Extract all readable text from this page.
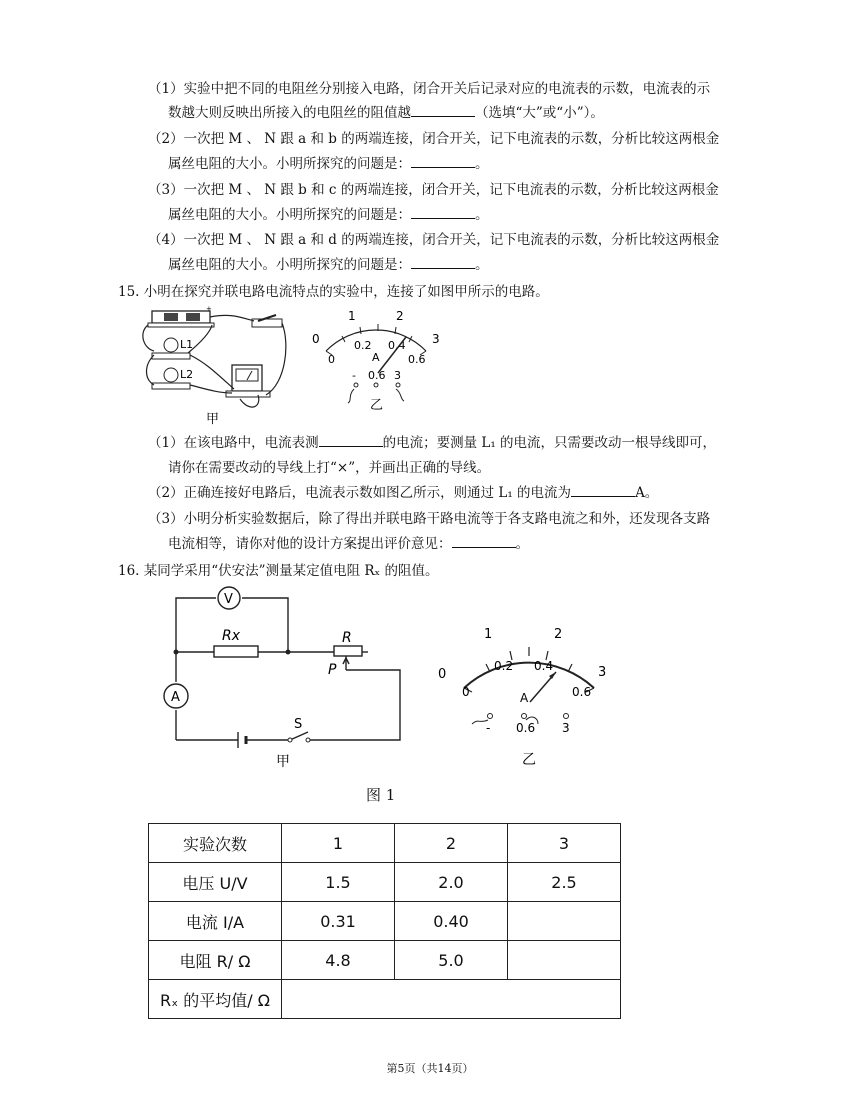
（1）实验中把不同的电阻丝分别接入电路，闭合开关后记录对应的电流表的示数，电流表的示
数越大则反映出所接入的电阻丝的阻值越	（选填“大”或“小”）。
（2）一次把 M 、 N 跟 a 和 b 的两端连接，闭合开关，记下电流表的示数，分析比较这两根金
属丝电阻的大小。小明所探究的问题是：	。
（3）一次把 M 、 N 跟 b 和 c 的两端连接，闭合开关，记下电流表的示数，分析比较这两根金
属丝电阻的大小。小明所探究的问题是：	。
（4）一次把 M 、 N 跟 a 和 d 的两端连接，闭合开关，记下电流表的示数，分析比较这两根金
属丝电阻的大小。小明所探究的问题是：	。
15. 小明在探究并联电路电流特点的实验中，连接了如图甲所示的电路。
+
L1
L2
甲
0
1	2
3
0
0.2 0.4
0.6
A
- 0.6 3
乙
（1）在该电路中，电流表测	的电流；要测量 L₁ 的电流，只需要改动一根导线即可，
请你在需要改动的导线上打“×”，并画出正确的导线。
（2）正确连接好电路后，电流表示数如图乙所示，则通过 L₁ 的电流为	A。
（3）小明分析实验数据后，除了得出并联电路干路电流等于各支路电流之和外，还发现各支路
电流相等，请你对他的设计方案提出评价意见：	。
16. 某同学采用“伏安法”测量某定值电阻 Rₓ 的阻值。
V
A
Rx	R
P
S
甲
0
1	2
3
0
0.2 0.4
0.6
A
- 0.6 3
乙
图 1
实验次数	1	2	3
电压 U/V	1.5	2.0	2.5
电流 I/A	0.31	0.40	
电阻 R/ Ω	4.8	5.0	
Rₓ 的平均值/ Ω			
第5页（共14页）
